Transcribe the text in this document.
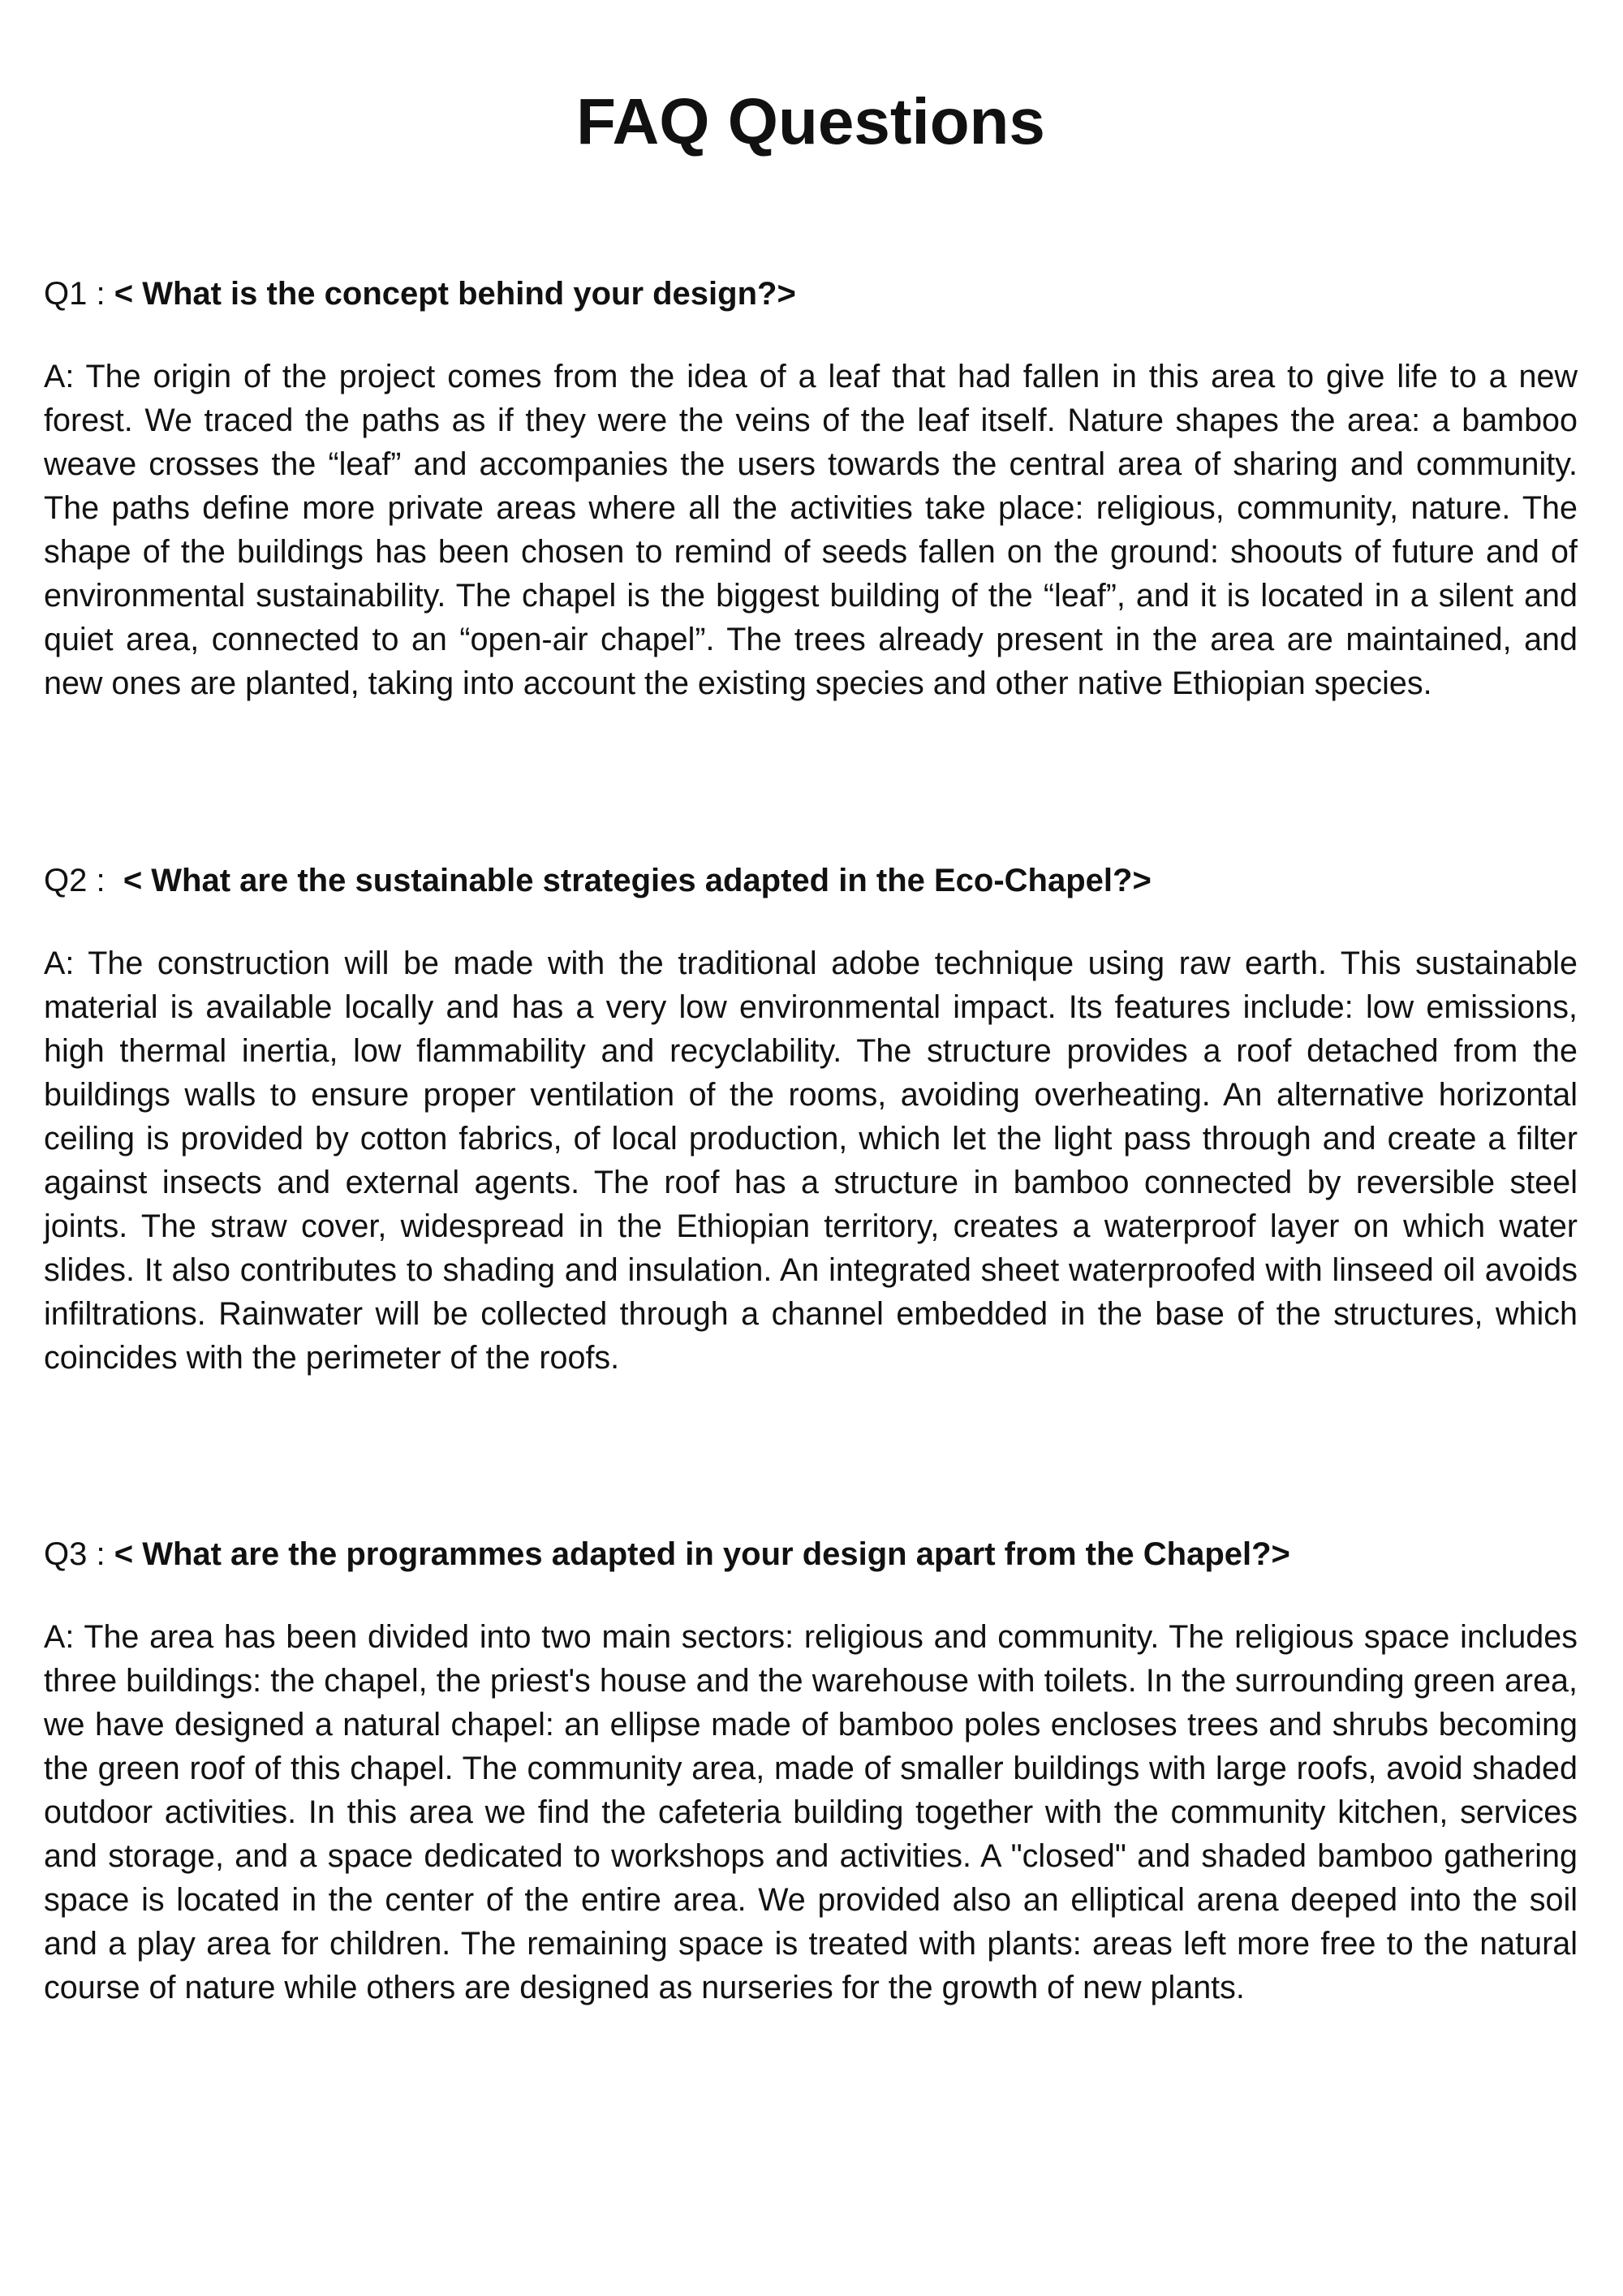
FAQ Questions

Q1 : < What is the concept behind your design?>

A: The origin of the project comes from the idea of a leaf that had fallen in this area to give life to a new forest. We traced the paths as if they were the veins of the leaf itself. Nature shapes the area: a bamboo weave crosses the “leaf” and accompanies the users towards the central area of sharing and community. The paths define more private areas where all the activities take place: religious, community, nature. The shape of the buildings has been chosen to remind of seeds fallen on the ground: shoouts of future and of environmental sustainability. The chapel is the biggest building of the “leaf”, and it is located in a silent and quiet area, connected to an “open-air chapel”. The trees already present in the area are maintained, and new ones are planted, taking into account the existing species and other native Ethiopian species.

Q2 : < What are the sustainable strategies adapted in the Eco-Chapel?>

A: The construction will be made with the traditional adobe technique using raw earth. This sustainable material is available locally and has a very low environmental impact. Its features include: low emissions, high thermal inertia, low flammability and recyclability. The structure provides a roof detached from the buildings walls to ensure proper ventilation of the rooms, avoiding overheating. An alternative horizontal ceiling is provided by cotton fabrics, of local production, which let the light pass through and create a filter against insects and external agents. The roof has a structure in bamboo connected by reversible steel joints. The straw cover, widespread in the Ethiopian territory, creates a waterproof layer on which water slides. It also contributes to shading and insulation. An integrated sheet waterproofed with linseed oil avoids infiltrations. Rainwater will be collected through a channel embedded in the base of the structures, which coincides with the perimeter of the roofs.

Q3 : < What are the programmes adapted in your design apart from the Chapel?>

A: The area has been divided into two main sectors: religious and community. The religious space includes three buildings: the chapel, the priest's house and the warehouse with toilets. In the surrounding green area, we have designed a natural chapel: an ellipse made of bamboo poles encloses trees and shrubs becoming the green roof of this chapel. The community area, made of smaller buildings with large roofs, avoid shaded outdoor activities. In this area we find the cafeteria building together with the community kitchen, services and storage, and a space dedicated to workshops and activities. A "closed" and shaded bamboo gathering space is located in the center of the entire area. We provided also an elliptical arena deeped into the soil and a play area for children. The remaining space is treated with plants: areas left more free to the natural course of nature while others are designed as nurseries for the growth of new plants.
